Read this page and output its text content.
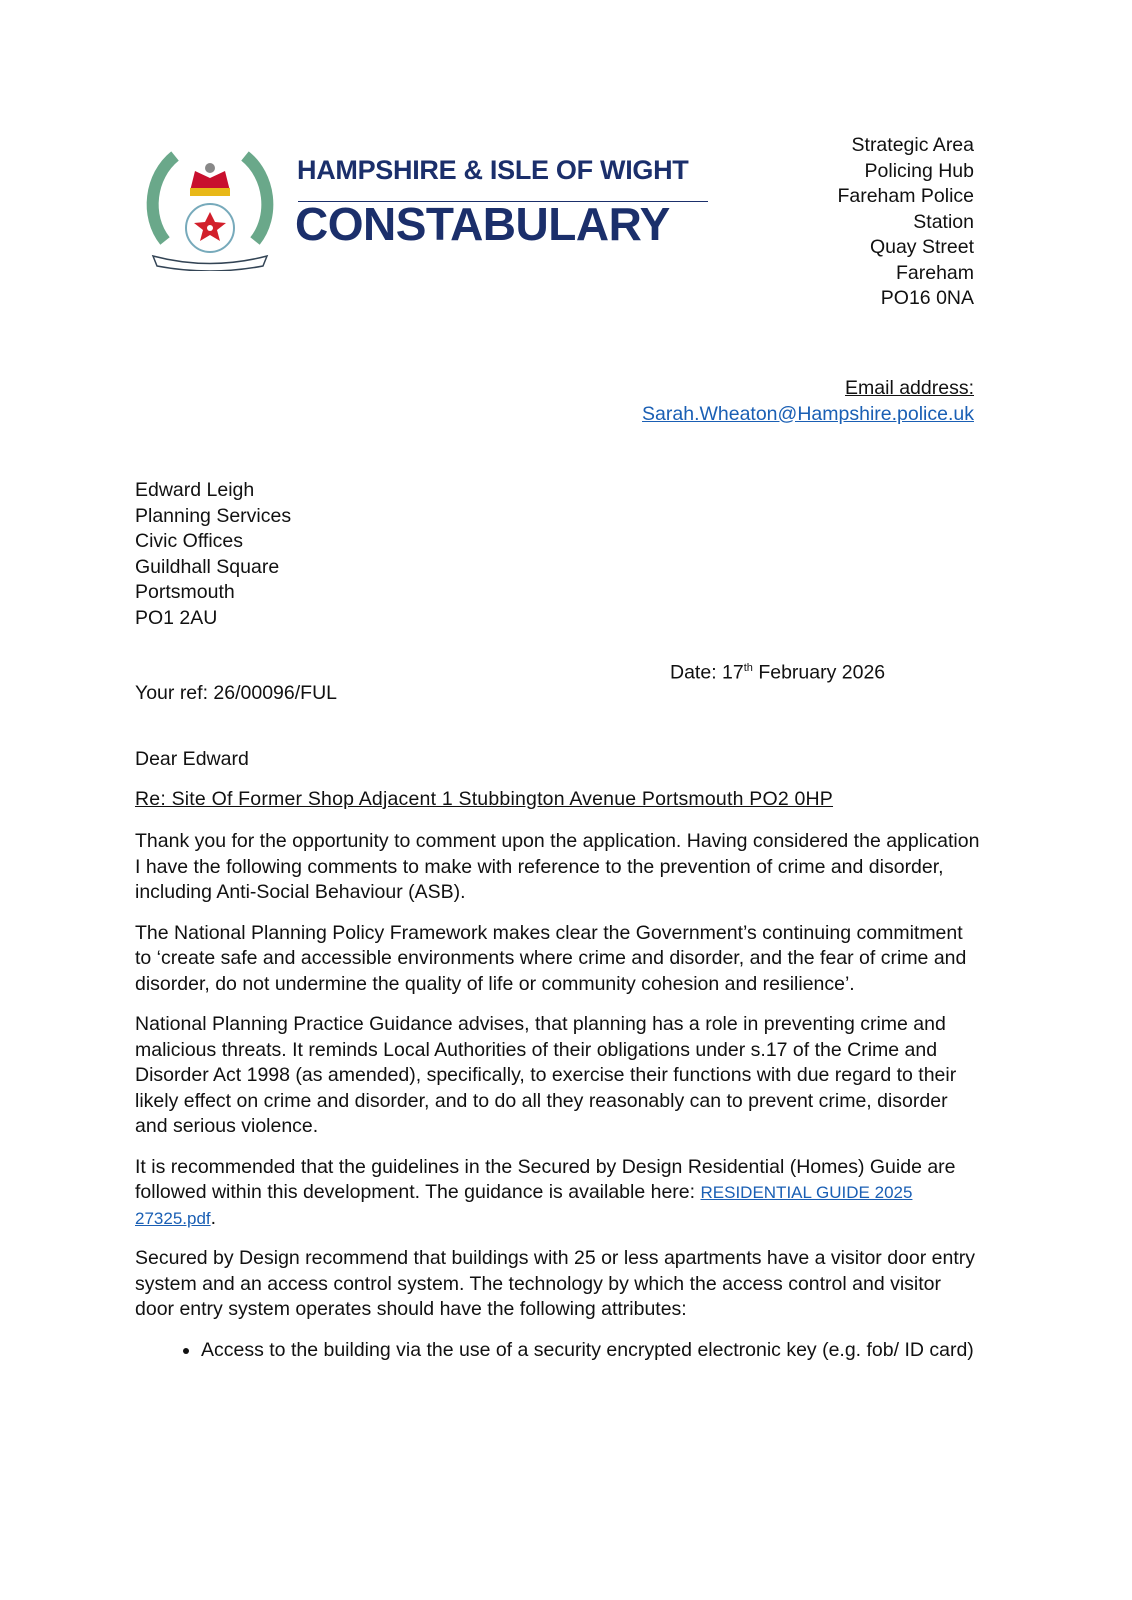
HAMPSHIRE & ISLE OF WIGHT
CONSTABULARY
Strategic Area
Policing Hub
Fareham Police
Station
Quay Street
Fareham
PO16 0NA
Email address:
Sarah.Wheaton@Hampshire.police.uk
Edward Leigh
Planning Services
Civic Offices
Guildhall Square
Portsmouth
PO1 2AU
Date: 17th February 2026
Your ref: 26/00096/FUL
Dear Edward
Re: Site Of Former Shop Adjacent 1 Stubbington Avenue Portsmouth PO2 0HP

Thank you for the opportunity to comment upon the application. Having considered the application I have the following comments to make with reference to the prevention of crime and disorder, including Anti-Social Behaviour (ASB).

The National Planning Policy Framework makes clear the Government’s continuing commitment to ‘create safe and accessible environments where crime and disorder, and the fear of crime and disorder, do not undermine the quality of life or community cohesion and resilience’.

National Planning Practice Guidance advises, that planning has a role in preventing crime and malicious threats. It reminds Local Authorities of their obligations under s.17 of the Crime and Disorder Act 1998 (as amended), specifically, to exercise their functions with due regard to their likely effect on crime and disorder, and to do all they reasonably can to prevent crime, disorder and serious violence.

It is recommended that the guidelines in the Secured by Design Residential (Homes) Guide are followed within this development. The guidance is available here: RESIDENTIAL GUIDE 2025 27325.pdf.

Secured by Design recommend that buildings with 25 or less apartments have a visitor door entry system and an access control system. The technology by which the access control and visitor door entry system operates should have the following attributes:

• Access to the building via the use of a security encrypted electronic key (e.g. fob/ ID card)
